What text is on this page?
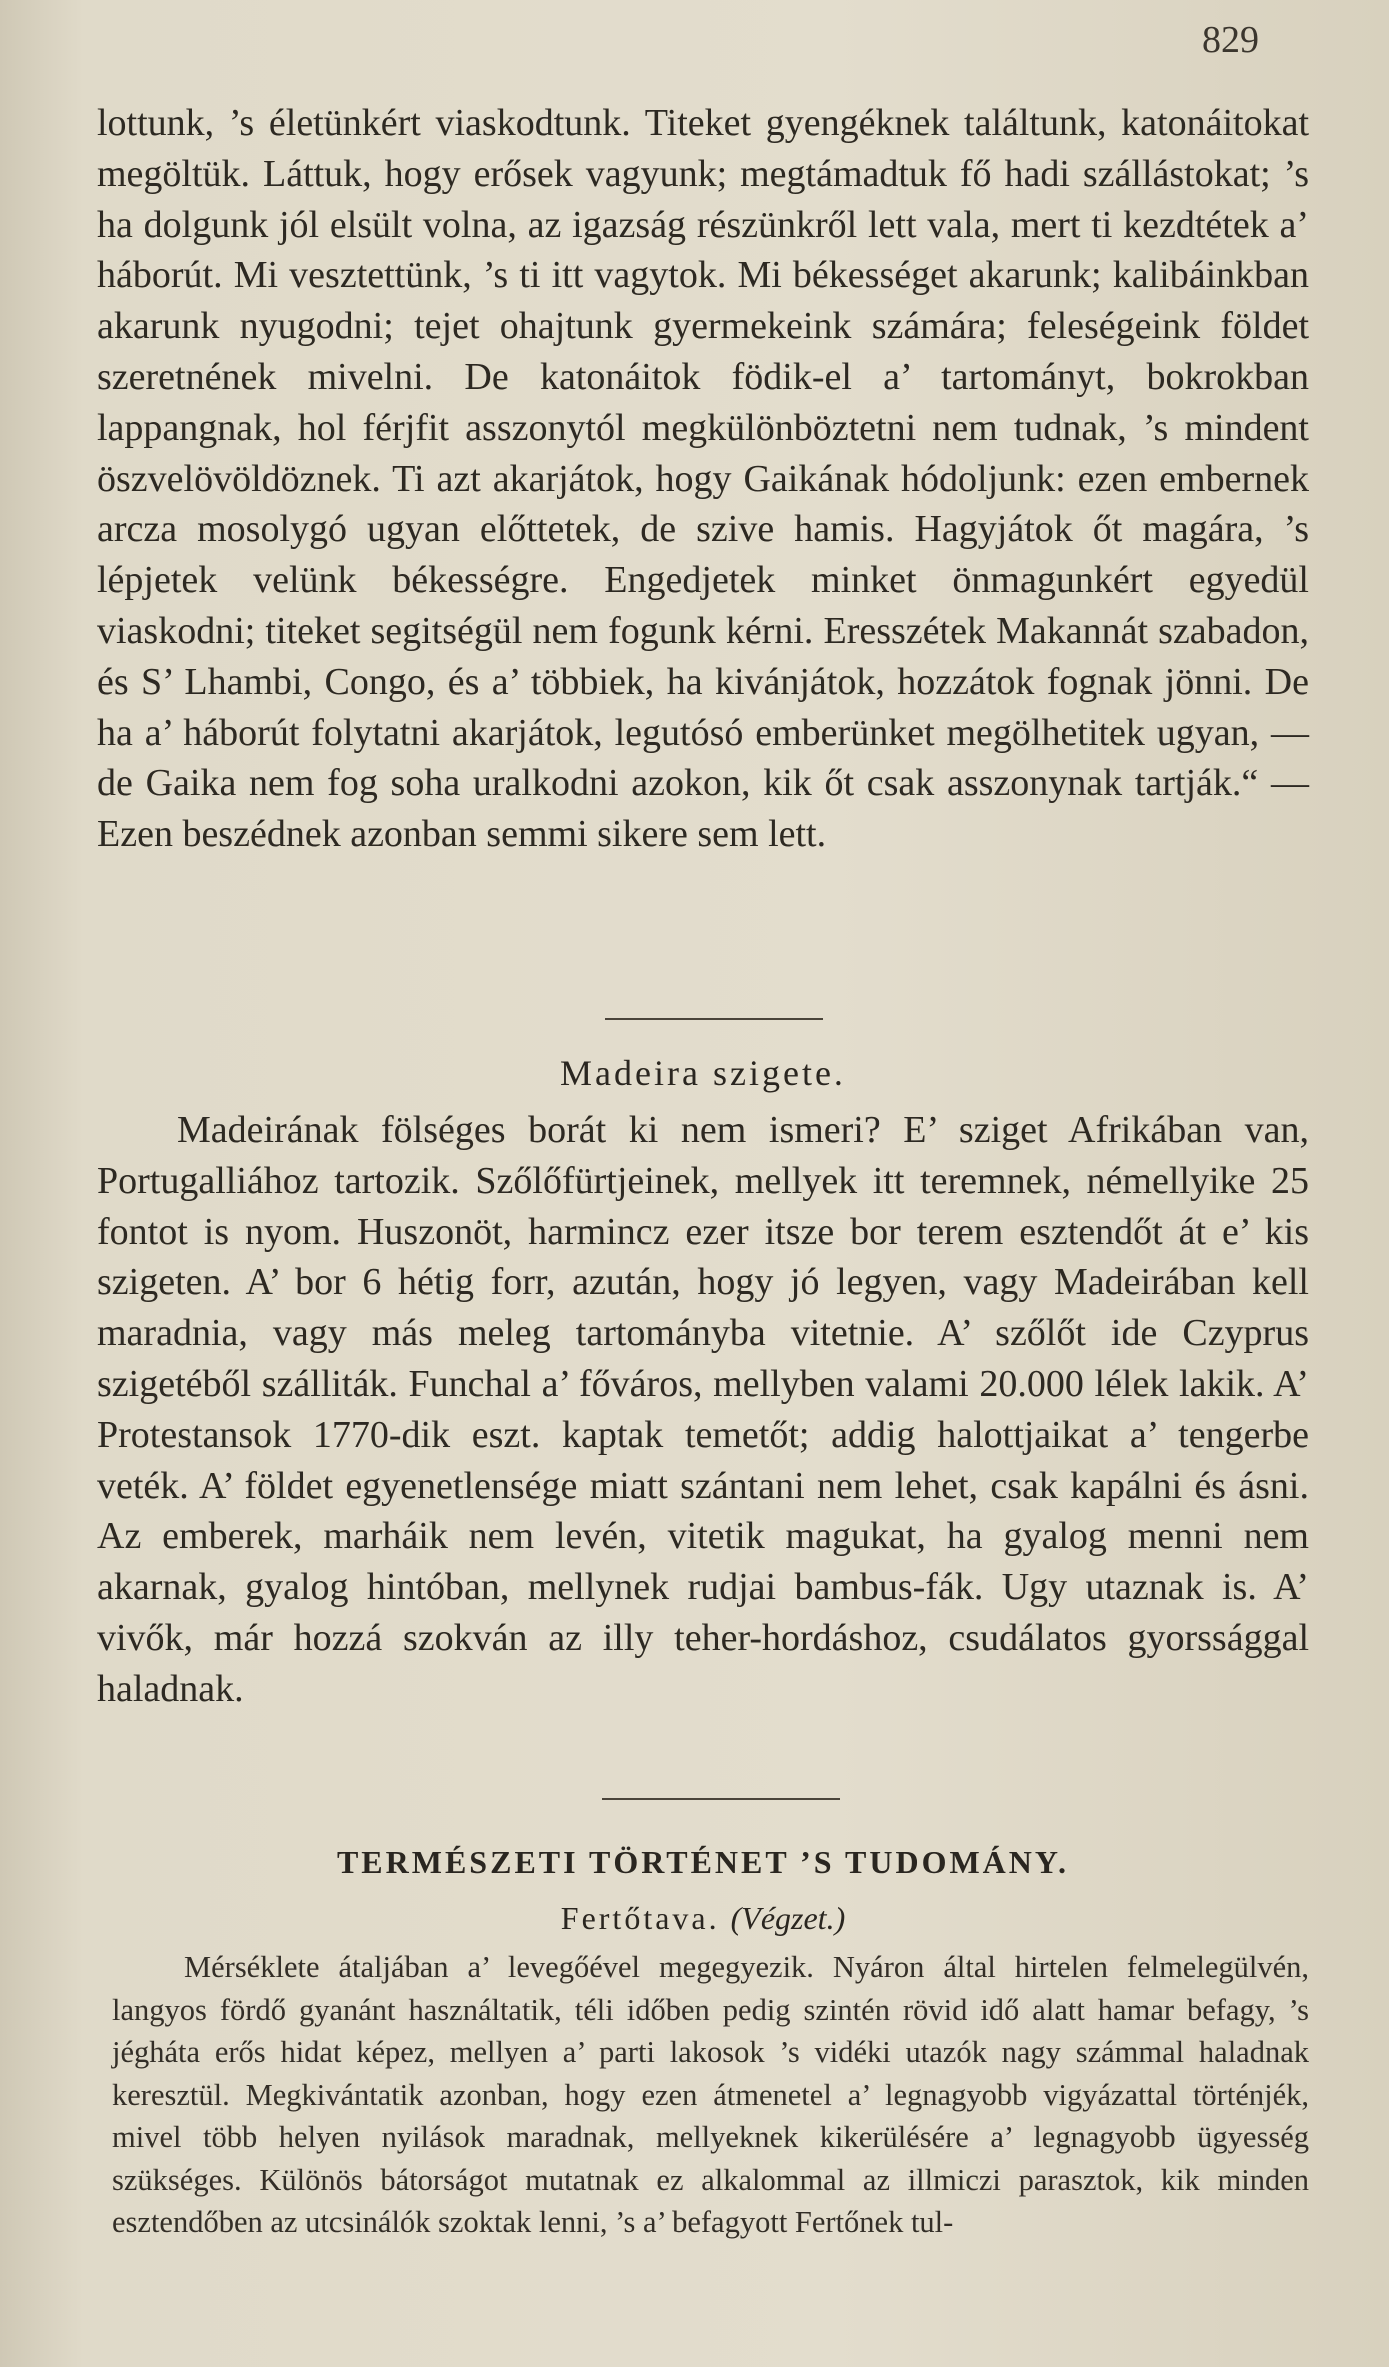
829

lottunk, ’s életünkért viaskodtunk. Titeket gyengéknek találtunk, katonáitokat megöltük. Láttuk, hogy erősek vagyunk; megtámadtuk fő hadi szállástokat; ’s ha dolgunk jól elsült volna, az igazság részünkről lett vala, mert ti kezdtétek a’ háborút. Mi vesztettünk, ’s ti itt vagytok. Mi békességet akarunk; kalibáinkban akarunk nyugodni; tejet ohajtunk gyermekeink számára; feleségeink földet szeretnének mivelni. De katonáitok födik-el a’ tartományt, bokrokban lappangnak, hol férjfit asszonytól megkülönböztetni nem tudnak, ’s mindent öszvelövöldöznek. Ti azt akarjátok, hogy Gaikának hódoljunk: ezen embernek arcza mosolygó ugyan előttetek, de szive hamis. Hagyjátok őt magára, ’s lépjetek velünk békességre. Engedjetek minket önmagunkért egyedül viaskodni; titeket segitségül nem fogunk kérni. Eresszétek Makannát szabadon, és S’ Lhambi, Congo, és a’ többiek, ha kivánjátok, hozzátok fognak jönni. De ha a’ háborút folytatni akarjátok, legutósó emberünket megölhetitek ugyan, — de Gaika nem fog soha uralkodni azokon, kik őt csak asszonynak tartják.“ — Ezen beszédnek azonban semmi sikere sem lett.

Madeira szigete.

Madeirának fölséges borát ki nem ismeri? E’ sziget Afrikában van, Portugalliához tartozik. Szőlőfürtjeinek, mellyek itt teremnek, némellyike 25 fontot is nyom. Huszonöt, harmincz ezer itsze bor terem esztendőt át e’ kis szigeten. A’ bor 6 hétig forr, azután, hogy jó legyen, vagy Madeirában kell maradnia, vagy más meleg tartományba vitetnie. A’ szőlőt ide Czyprus szigetéből szálliták. Funchal a’ főváros, mellyben valami 20.000 lélek lakik. A’ Protestansok 1770-dik eszt. kaptak temetőt; addig halottjaikat a’ tengerbe veték. A’ földet egyenetlensége miatt szántani nem lehet, csak kapálni és ásni. Az emberek, marháik nem levén, vitetik magukat, ha gyalog menni nem akarnak, gyalog hintóban, mellynek rudjai bambus-fák. Ugy utaznak is. A’ vivők, már hozzá szokván az illy teher-hordáshoz, csudálatos gyorssággal haladnak.

TERMÉSZETI TÖRTÉNET ’S TUDOMÁNY.
Fertőtava. (Végzet.)

Mérséklete átaljában a’ levegőével megegyezik. Nyáron által hirtelen felmelegülvén, langyos fördő gyanánt használtatik, téli időben pedig szintén rövid idő alatt hamar befagy, ’s jéghátа erős hidat képez, mellyen a’ parti lakosok ’s vidéki utazók nagy számmal haladnak keresztül. Megkivántatik azonban, hogy ezen átmenetel a’ legnagyobb vigyázattal történjék, mivel több helyen nyilások maradnak, mellyeknek kikerülésére a’ legnagyobb ügyesség szükséges. Különös bátorságot mutatnak ez alkalommal az illmiczi parasztok, kik minden esztendőben az utcsinálók szoktak lenni, ’s a’ befagyott Fertőnek tul-
